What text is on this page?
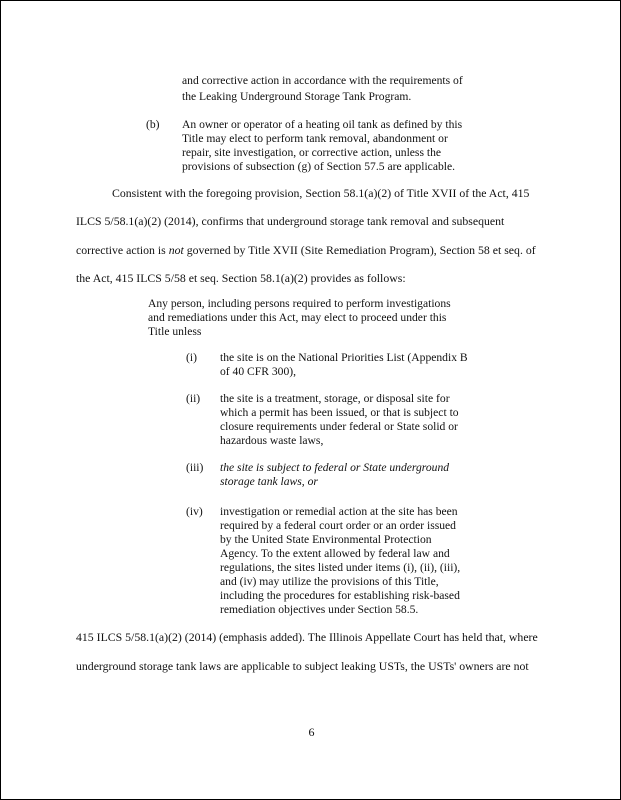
and corrective action in accordance with the requirements of
the Leaking Underground Storage Tank Program.
(b) An owner or operator of a heating oil tank as defined by this
Title may elect to perform tank removal, abandonment or
repair, site investigation, or corrective action, unless the
provisions of subsection (g) of Section 57.5 are applicable.
Consistent with the foregoing provision, Section 58.1(a)(2) of Title XVII of the Act, 415
ILCS 5/58.1(a)(2) (2014), confirms that underground storage tank removal and subsequent
corrective action is not governed by Title XVII (Site Remediation Program), Section 58 et seq. of
the Act, 415 ILCS 5/58 et seq. Section 58.1(a)(2) provides as follows:
Any person, including persons required to perform investigations
and remediations under this Act, may elect to proceed under this
Title unless
(i) the site is on the National Priorities List (Appendix B
of 40 CFR 300),
(ii) the site is a treatment, storage, or disposal site for
which a permit has been issued, or that is subject to
closure requirements under federal or State solid or
hazardous waste laws,
(iii) the site is subject to federal or State underground
storage tank laws, or
(iv) investigation or remedial action at the site has been
required by a federal court order or an order issued
by the United State Environmental Protection
Agency. To the extent allowed by federal law and
regulations, the sites listed under items (i), (ii), (iii),
and (iv) may utilize the provisions of this Title,
including the procedures for establishing risk-based
remediation objectives under Section 58.5.
415 ILCS 5/58.1(a)(2) (2014) (emphasis added). The Illinois Appellate Court has held that, where
underground storage tank laws are applicable to subject leaking USTs, the USTs' owners are not
6
